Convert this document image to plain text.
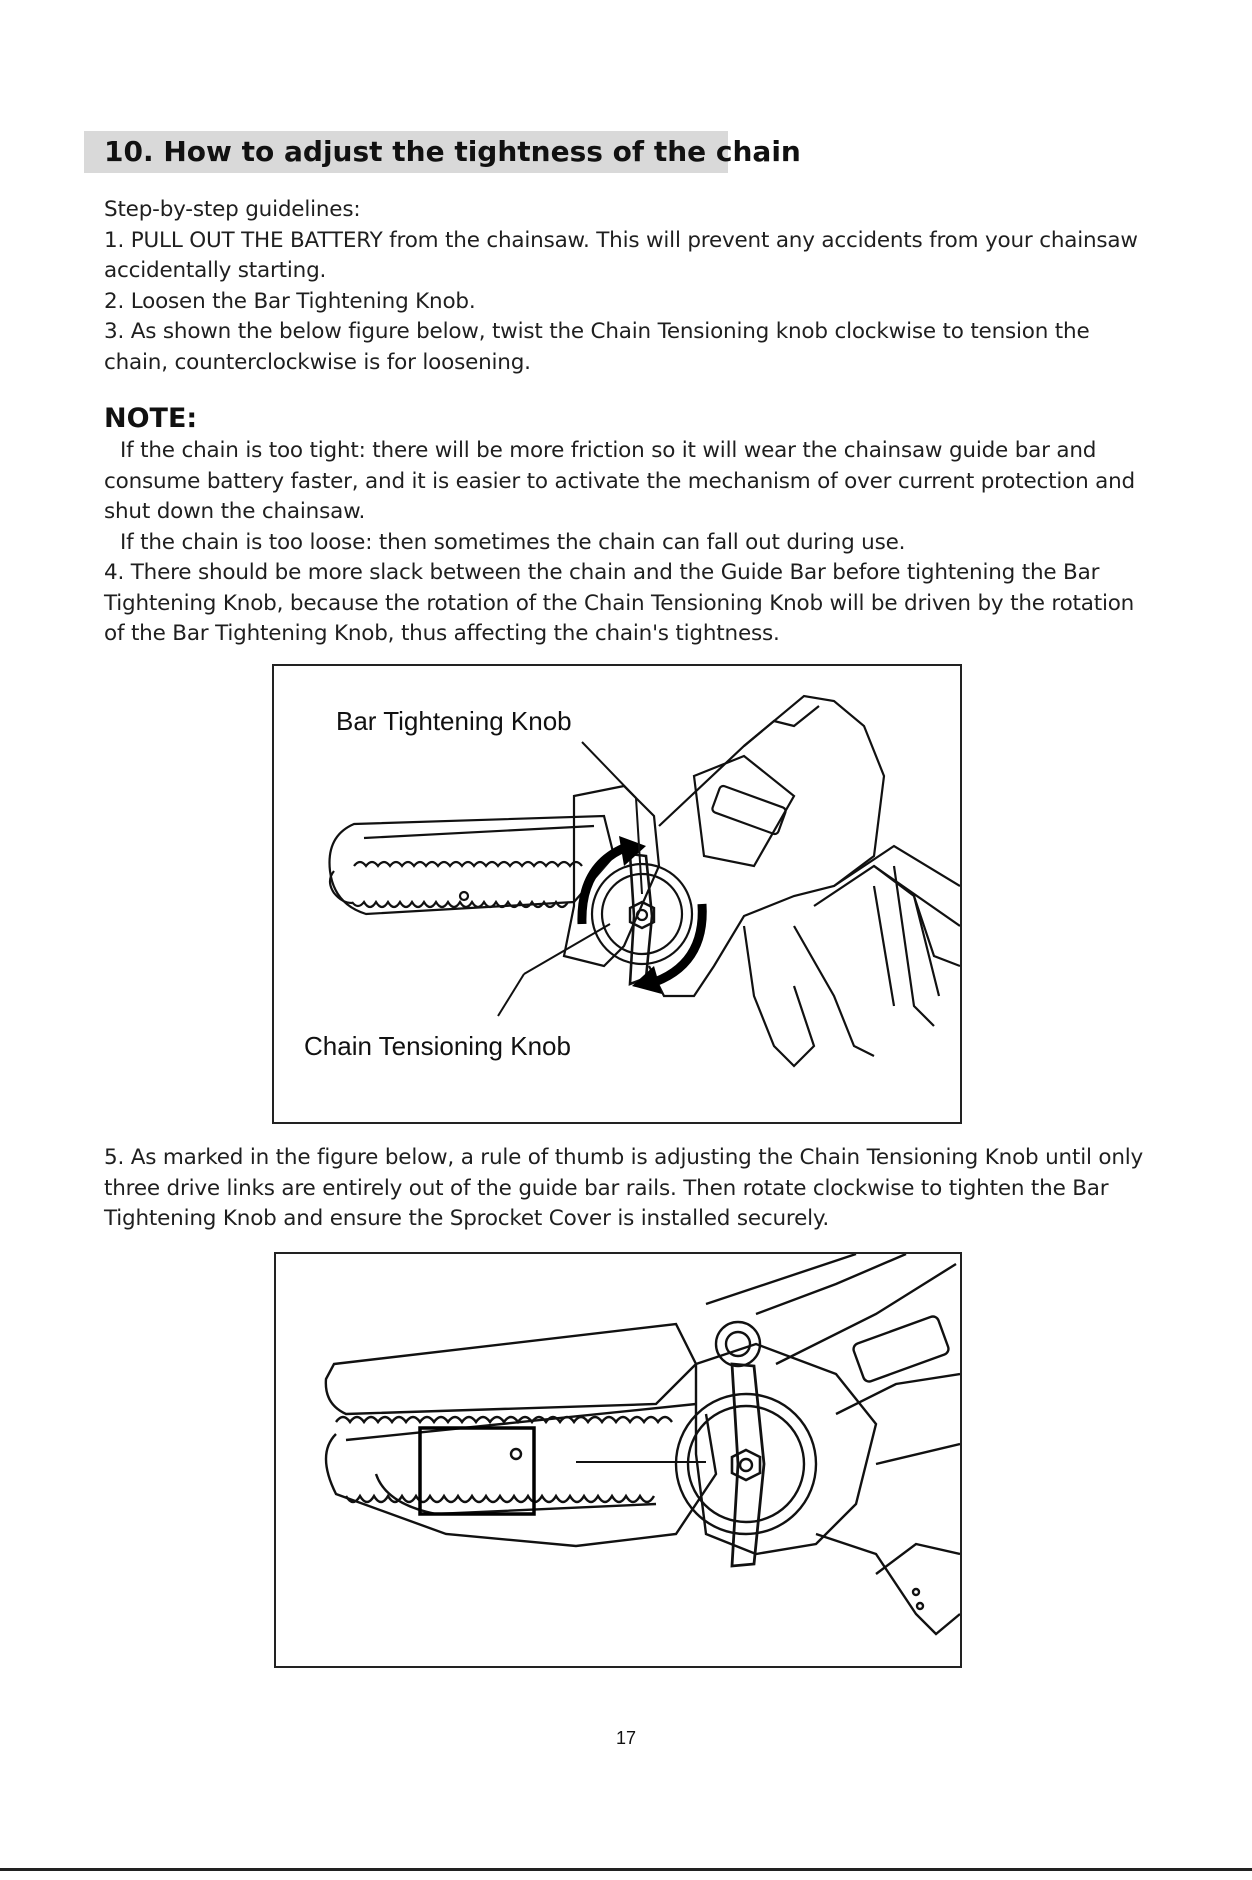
10. How to adjust the tightness of the chain

Step-by-step guidelines:

1. PULL OUT THE BATTERY from the chainsaw. This will prevent any accidents from your chainsaw

accidentally starting.

2. Loosen the Bar Tightening Knob.

3. As shown the below figure below, twist the Chain Tensioning knob clockwise to tension the

chain, counterclockwise is for loosening.

NOTE:

If the chain is too tight: there will be more friction so it will wear the chainsaw guide bar and

consume battery faster, and it is easier to activate the mechanism of over current protection and

shut down the chainsaw.

If the chain is too loose: then sometimes the chain can fall out during use.

4. There should be more slack between the chain and the Guide Bar before tightening the Bar

Tightening Knob, because the rotation of the Chain Tensioning Knob will be driven by the rotation

of the Bar Tightening Knob, thus affecting the chain's tightness.

Bar Tightening Knob
Chain Tensioning Knob

5. As marked in the figure below, a rule of thumb is adjusting the Chain Tensioning Knob until only

three drive links are entirely out of the guide bar rails. Then rotate clockwise to tighten the Bar

Tightening Knob and ensure the Sprocket Cover is installed securely.

17
